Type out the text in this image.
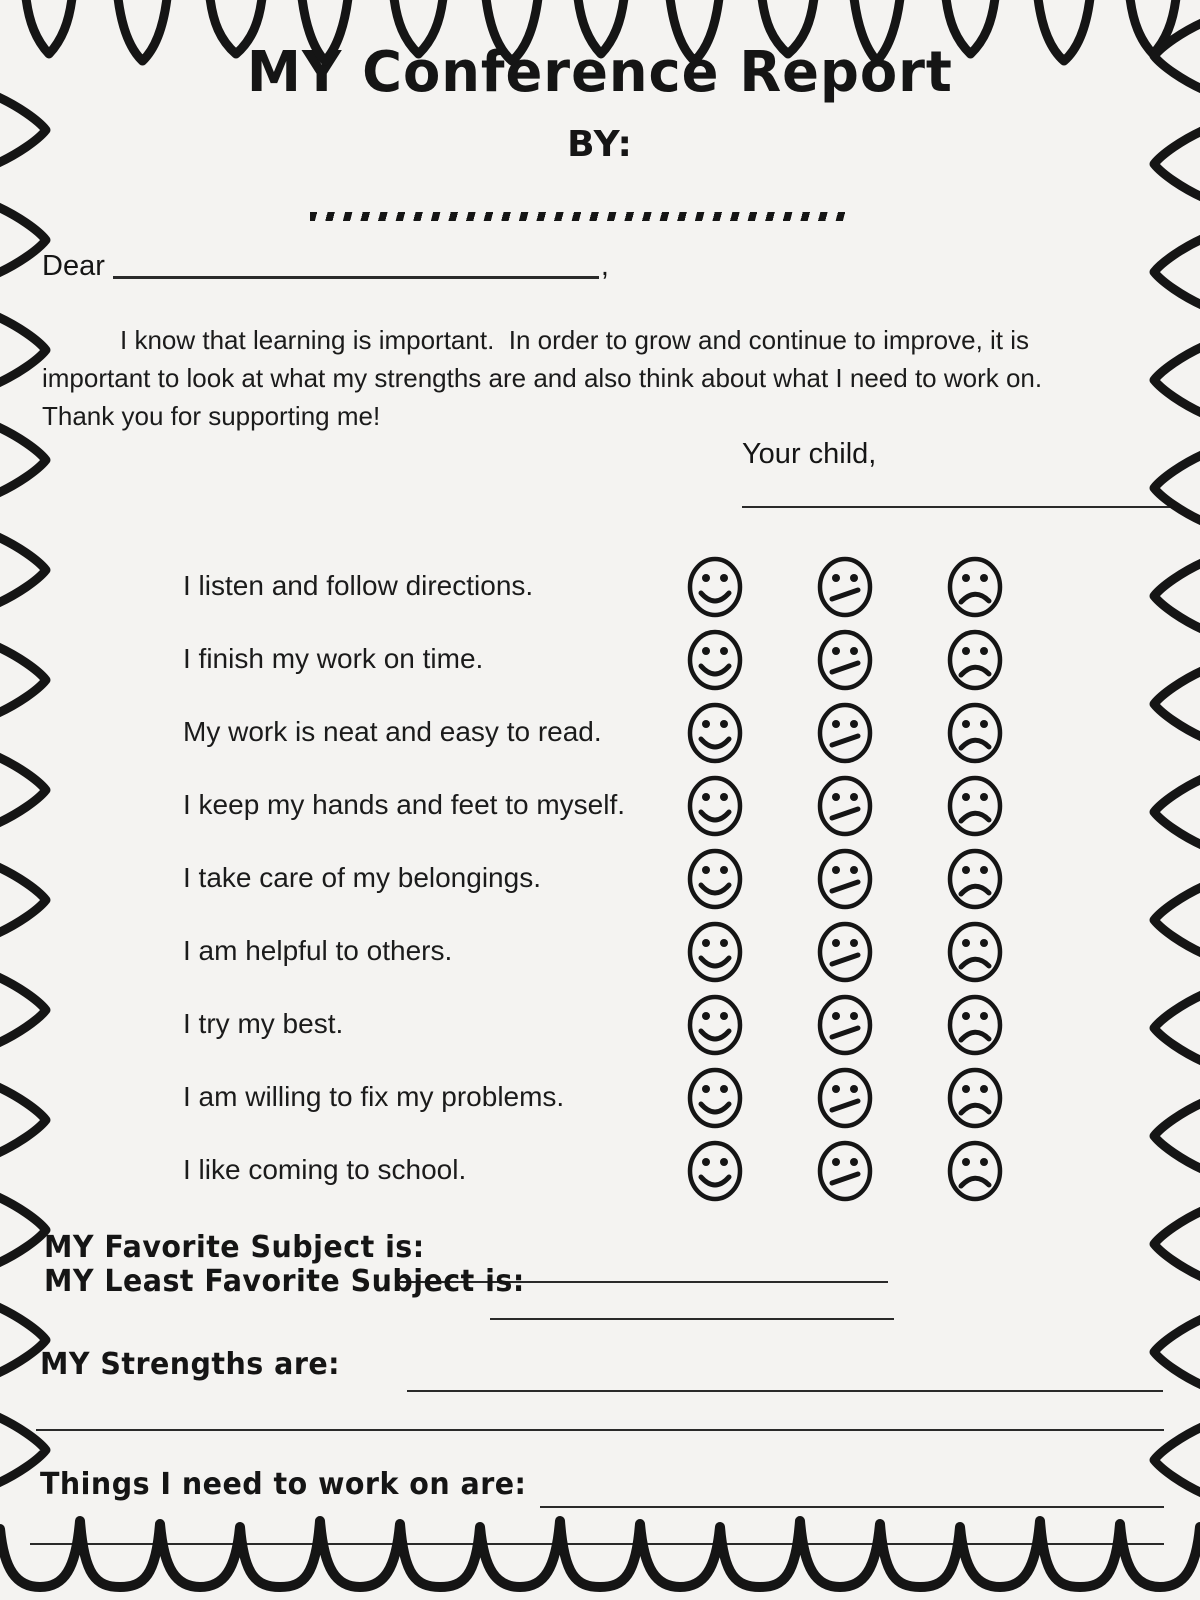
MY Conference Report
BY:
Dear	,
I know that learning is important.  In order to grow and continue to improve, it is
important to look at what my strengths are and also think about what I need to work on.
Thank you for supporting me!
Your child,
I listen and follow directions.
I finish my work on time.
My work is neat and easy to read.
I keep my hands and feet to myself.
I take care of my belongings.
I am helpful to others.
I try my best.
I am willing to fix my problems.
I like coming to school.
MY Favorite Subject is:
MY Least Favorite Subject is:
MY Strengths are:
Things I need to work on are:
